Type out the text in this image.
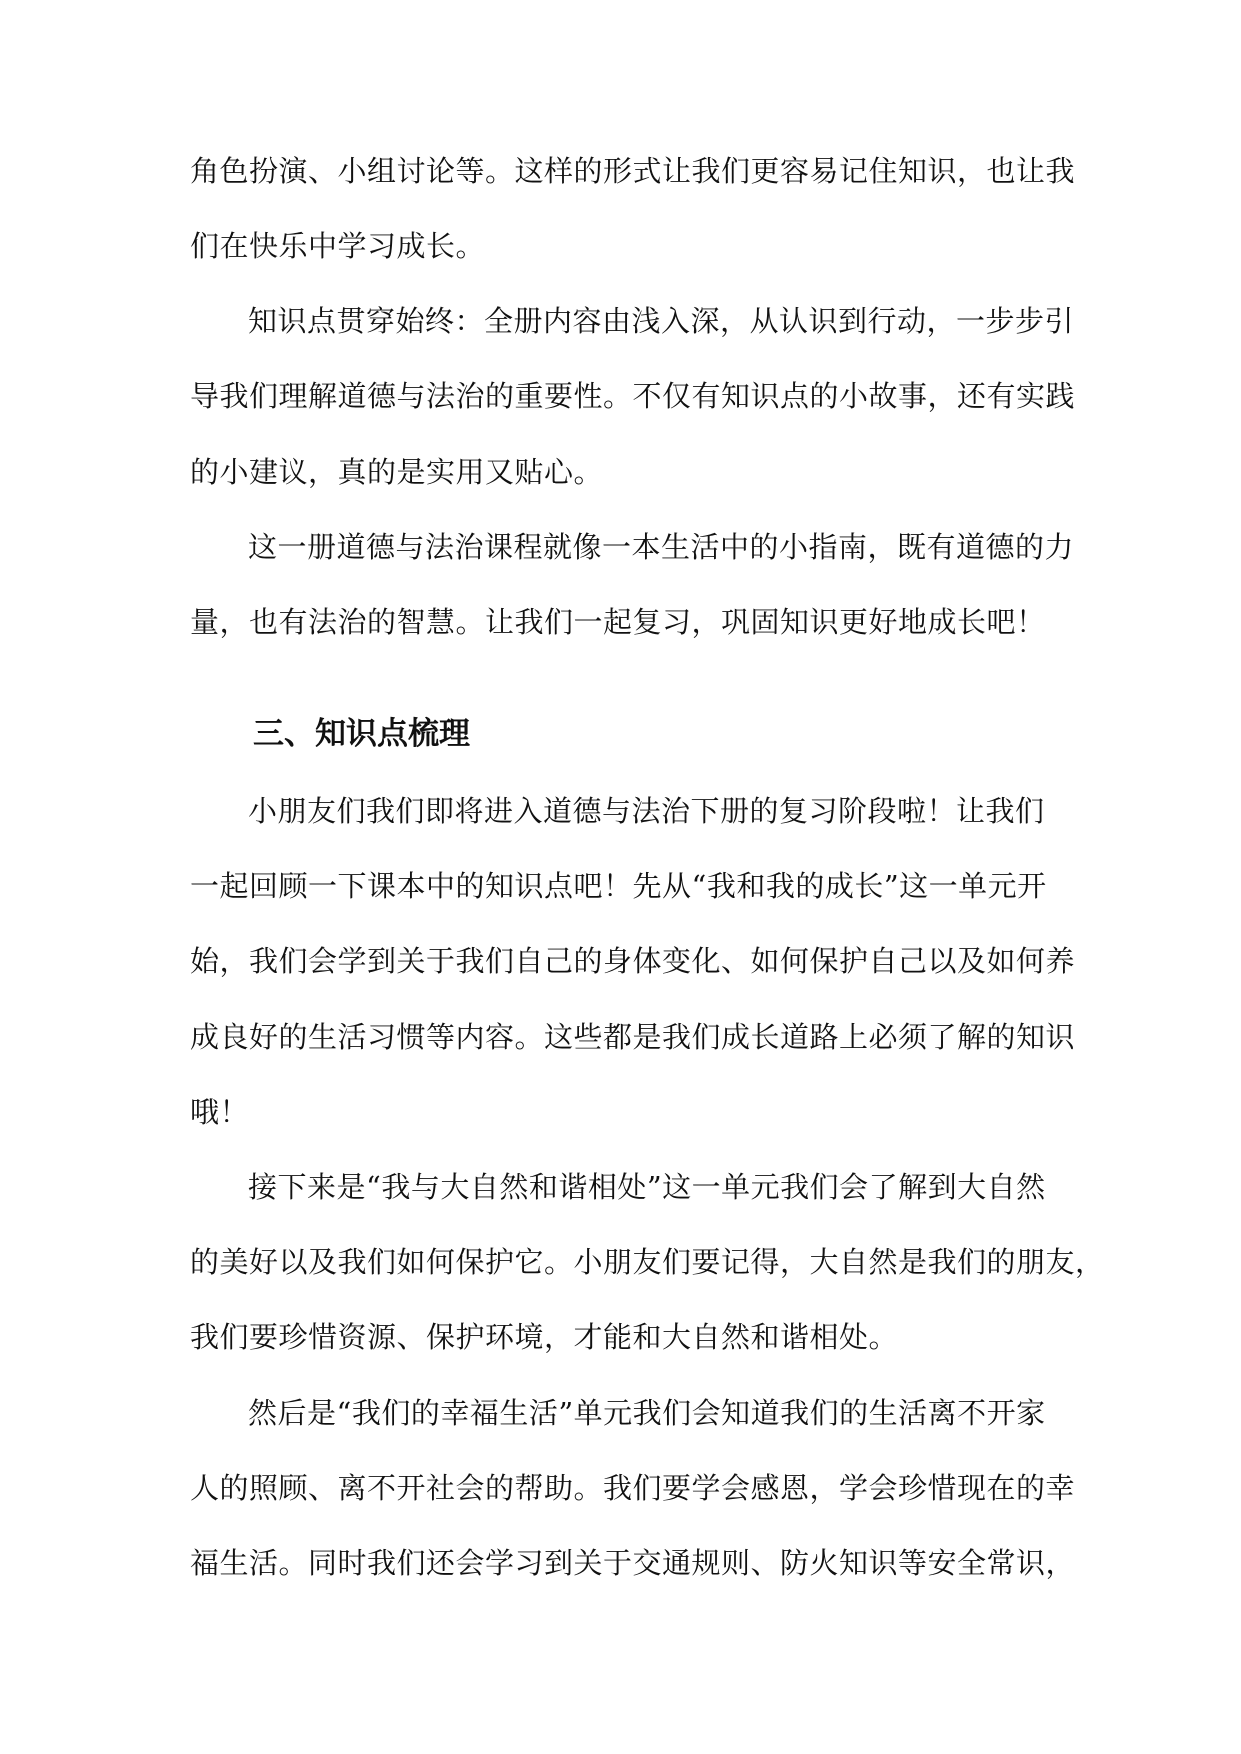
角色扮演、小组讨论等。这样的形式让我们更容易记住知识，也让我
们在快乐中学习成长。
知识点贯穿始终：全册内容由浅入深，从认识到行动，一步步引
导我们理解道德与法治的重要性。不仅有知识点的小故事，还有实践
的小建议，真的是实用又贴心。
这一册道德与法治课程就像一本生活中的小指南，既有道德的力
量，也有法治的智慧。让我们一起复习，巩固知识更好地成长吧！
三、知识点梳理
小朋友们我们即将进入道德与法治下册的复习阶段啦！让我们
一起回顾一下课本中的知识点吧！先从“我和我的成长”这一单元开
始，我们会学到关于我们自己的身体变化、如何保护自己以及如何养
成良好的生活习惯等内容。这些都是我们成长道路上必须了解的知识
哦！
接下来是“我与大自然和谐相处”这一单元我们会了解到大自然
的美好以及我们如何保护它。小朋友们要记得，大自然是我们的朋友，
我们要珍惜资源、保护环境，才能和大自然和谐相处。
然后是“我们的幸福生活”单元我们会知道我们的生活离不开家
人的照顾、离不开社会的帮助。我们要学会感恩，学会珍惜现在的幸
福生活。同时我们还会学习到关于交通规则、防火知识等安全常识，
